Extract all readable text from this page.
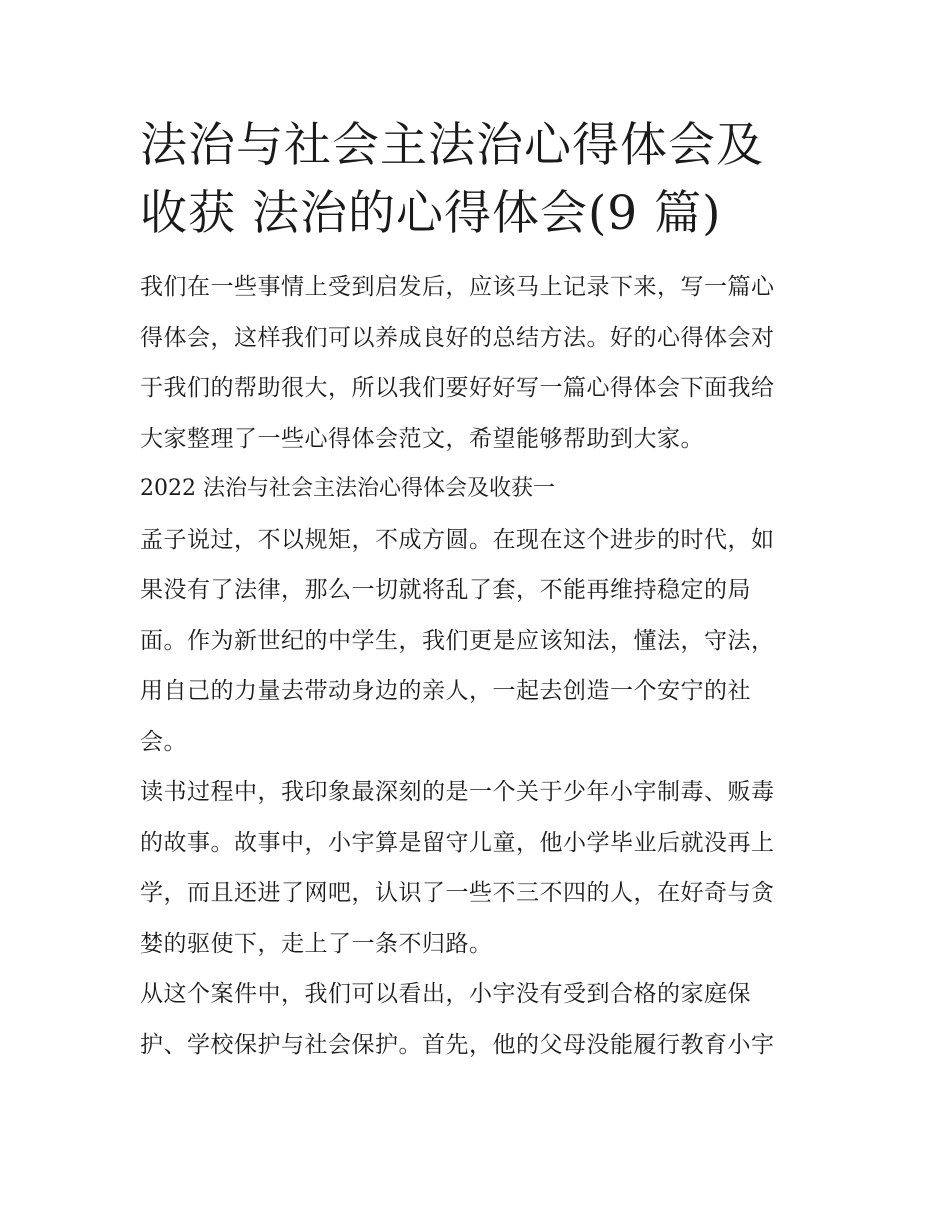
法治与社会主法治心得体会及
收获 法治的心得体会(9 篇)

我们在一些事情上受到启发后，应该马上记录下来，写一篇心
得体会，这样我们可以养成良好的总结方法。好的心得体会对
于我们的帮助很大，所以我们要好好写一篇心得体会下面我给
大家整理了一些心得体会范文，希望能够帮助到大家。

2022 法治与社会主法治心得体会及收获一

孟子说过，不以规矩，不成方圆。在现在这个进步的时代，如
果没有了法律，那么一切就将乱了套，不能再维持稳定的局
面。作为新世纪的中学生，我们更是应该知法，懂法，守法，
用自己的力量去带动身边的亲人，一起去创造一个安宁的社
会。

读书过程中，我印象最深刻的是一个关于少年小宇制毒、贩毒
的故事。故事中，小宇算是留守儿童，他小学毕业后就没再上
学，而且还进了网吧，认识了一些不三不四的人，在好奇与贪
婪的驱使下，走上了一条不归路。

从这个案件中，我们可以看出，小宇没有受到合格的家庭保
护、学校保护与社会保护。首先，他的父母没能履行教育小宇
